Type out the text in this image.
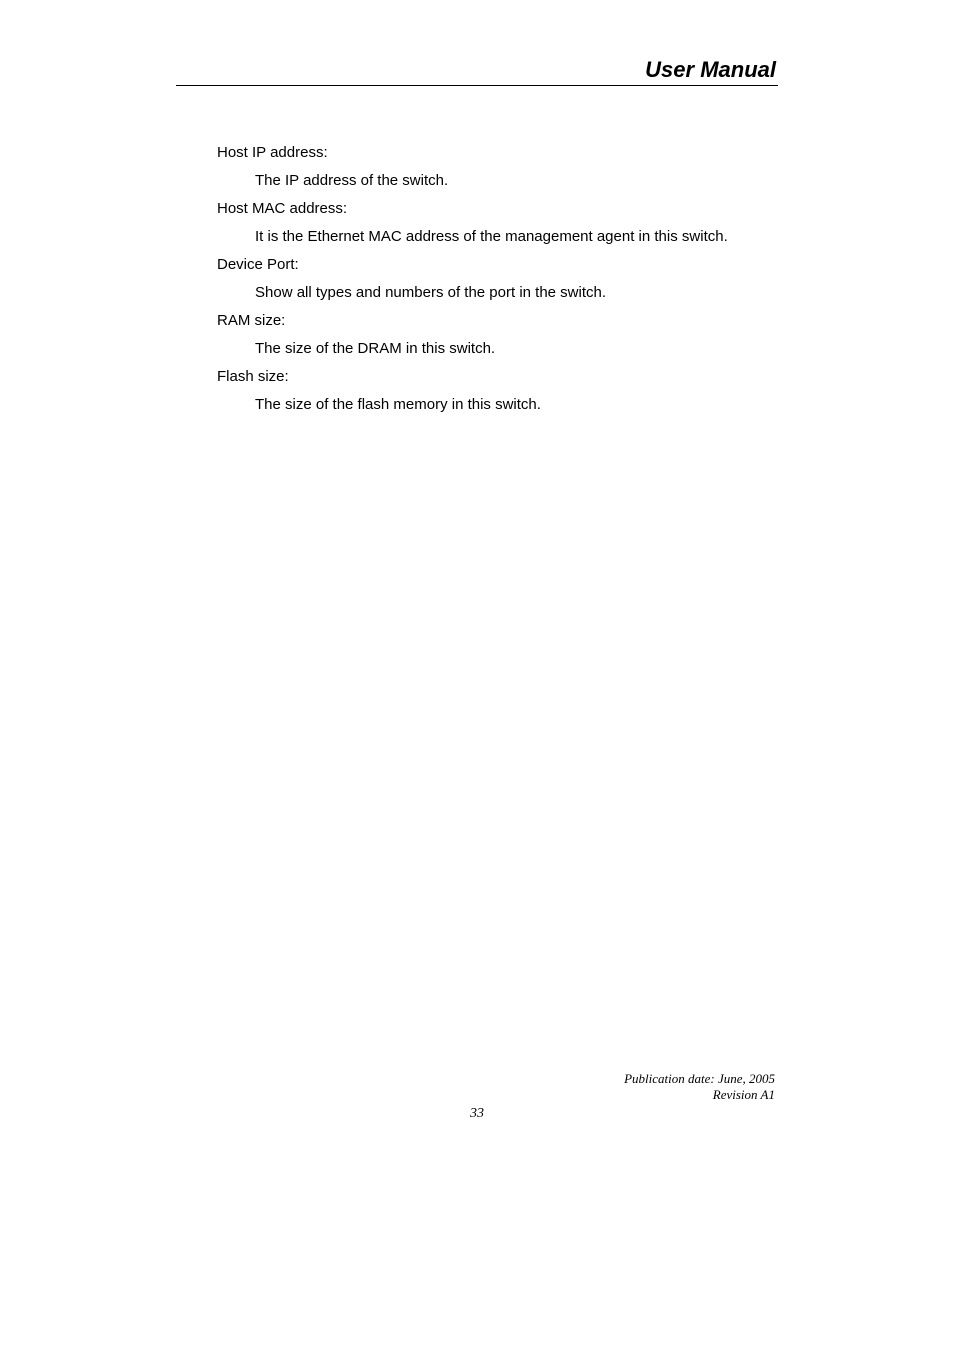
User Manual
Host IP address:
The IP address of the switch.
Host MAC address:
It is the Ethernet MAC address of the management agent in this switch.
Device Port:
Show all types and numbers of the port in the switch.
RAM size:
The size of the DRAM in this switch.
Flash size:
The size of the flash memory in this switch.
Publication date: June, 2005
Revision A1
33
